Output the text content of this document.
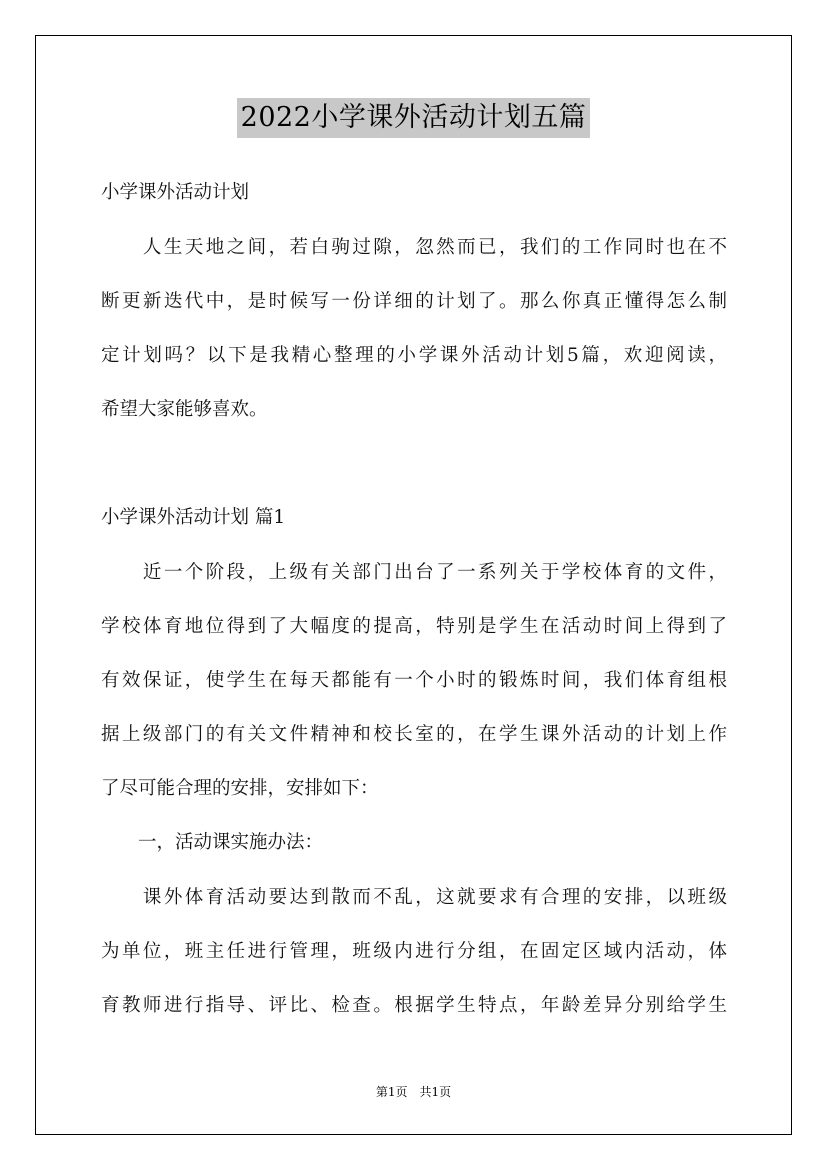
2022小学课外活动计划五篇
小学课外活动计划
　　人生天地之间，若白驹过隙，忽然而已，我们的工作同时也在不
断更新迭代中，是时候写一份详细的计划了。那么你真正懂得怎么制
定计划吗？以下是我精心整理的小学课外活动计划5篇，欢迎阅读，
希望大家能够喜欢。
小学课外活动计划 篇1
　　近一个阶段，上级有关部门出台了一系列关于学校体育的文件，
学校体育地位得到了大幅度的提高，特别是学生在活动时间上得到了
有效保证，使学生在每天都能有一个小时的锻炼时间，我们体育组根
据上级部门的有关文件精神和校长室的，在学生课外活动的计划上作
了尽可能合理的安排，安排如下：
　　一，活动课实施办法：
　　课外体育活动要达到散而不乱，这就要求有合理的安排，以班级
为单位，班主任进行管理，班级内进行分组，在固定区域内活动，体
育教师进行指导、评比、检查。根据学生特点，年龄差异分别给学生
第1页　共1页
